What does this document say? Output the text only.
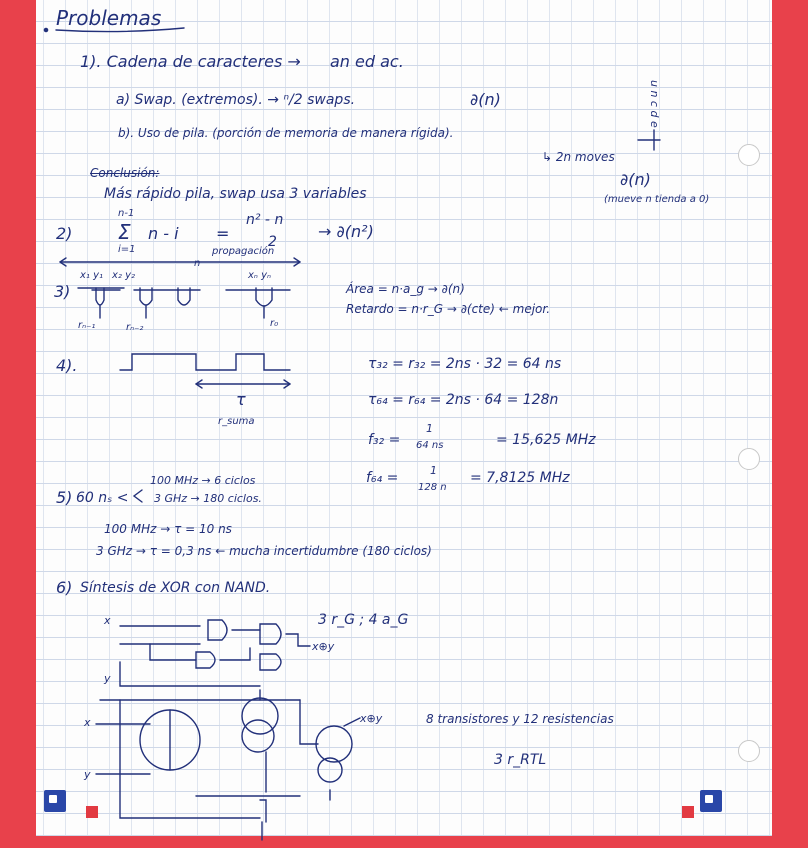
Problemas
1). Cadena de caracteres → an ed ac.
a) Swap. (extremos). → ⁿ/2 swaps.	∂(n)
b). Uso de pila. (porción de memoria de manera rígida).
↳ 2n moves
∂(n)
(mueve n tienda a 0)
u n c d e
Conclusión:
Más rápido pila, swap usa 3 variables
2)
n-1
Σ
i=1
n - i =
n² - n
2
→ ∂(n²)
propagación
3)
x₁ y₁ x₂ y₂	xₙ yₙ
n
rₙ₋₁	rₙ₋₂	r₀
Área = n·a_g → ∂(n)
Retardo = n·r_G → ∂(cte) ← mejor.
4).
τ
r_suma
τ₃₂ = r₃₂ = 2ns · 32 = 64 ns
τ₆₄ = r₆₄ = 2ns · 64 = 128n
f₃₂ =
1
64 ns	= 15,625 MHz
f₆₄ =	1
128 n
= 7,8125 MHz
5) 60 nₛ <
100 MHz → 6 ciclos
3 GHz → 180 ciclos.
100 MHz → τ = 10 ns
3 GHz → τ = 0,3 ns ← mucha incertidumbre (180 ciclos)
6) Síntesis de XOR con NAND.
x
y
x⊕y
3 r_G ; 4 a_G
x⊕y	8 transistores y 12 resistencias
3 r_RTL
x
y
